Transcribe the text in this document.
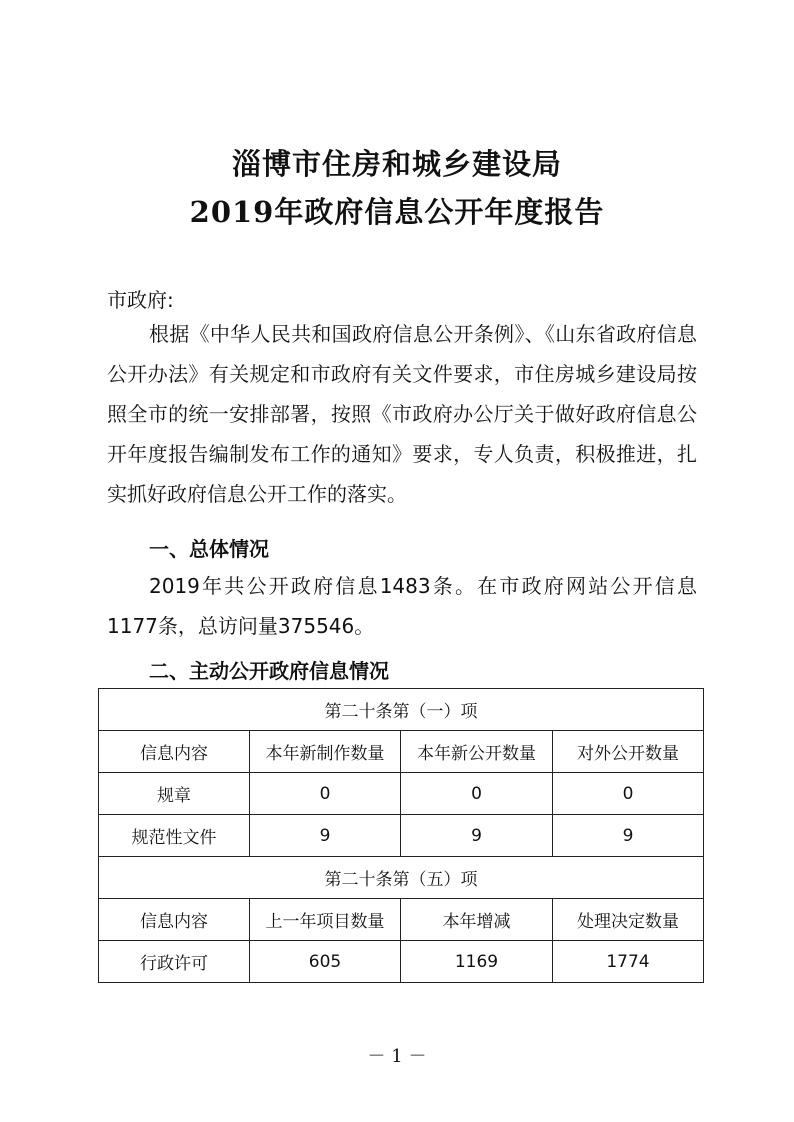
淄博市住房和城乡建设局
2019年政府信息公开年度报告
市政府:
根据《中华人民共和国政府信息公开条例》、《山东省政府信息公开办法》有关规定和市政府有关文件要求，市住房城乡建设局按照全市的统一安排部署，按照《市政府办公厅关于做好政府信息公开年度报告编制发布工作的通知》要求，专人负责，积极推进，扎实抓好政府信息公开工作的落实。
一、总体情况
2019年共公开政府信息1483条。在市政府网站公开信息1177条，总访问量375546。
二、主动公开政府信息情况
第二十条第（一）项			
信息内容	本年新制作数量	本年新公开数量	对外公开数量
规章	0	0	0
规范性文件	9	9	9
第二十条第（五）项			
信息内容	上一年项目数量	本年增减	处理决定数量
行政许可	605	1169	1774
－ 1 －
